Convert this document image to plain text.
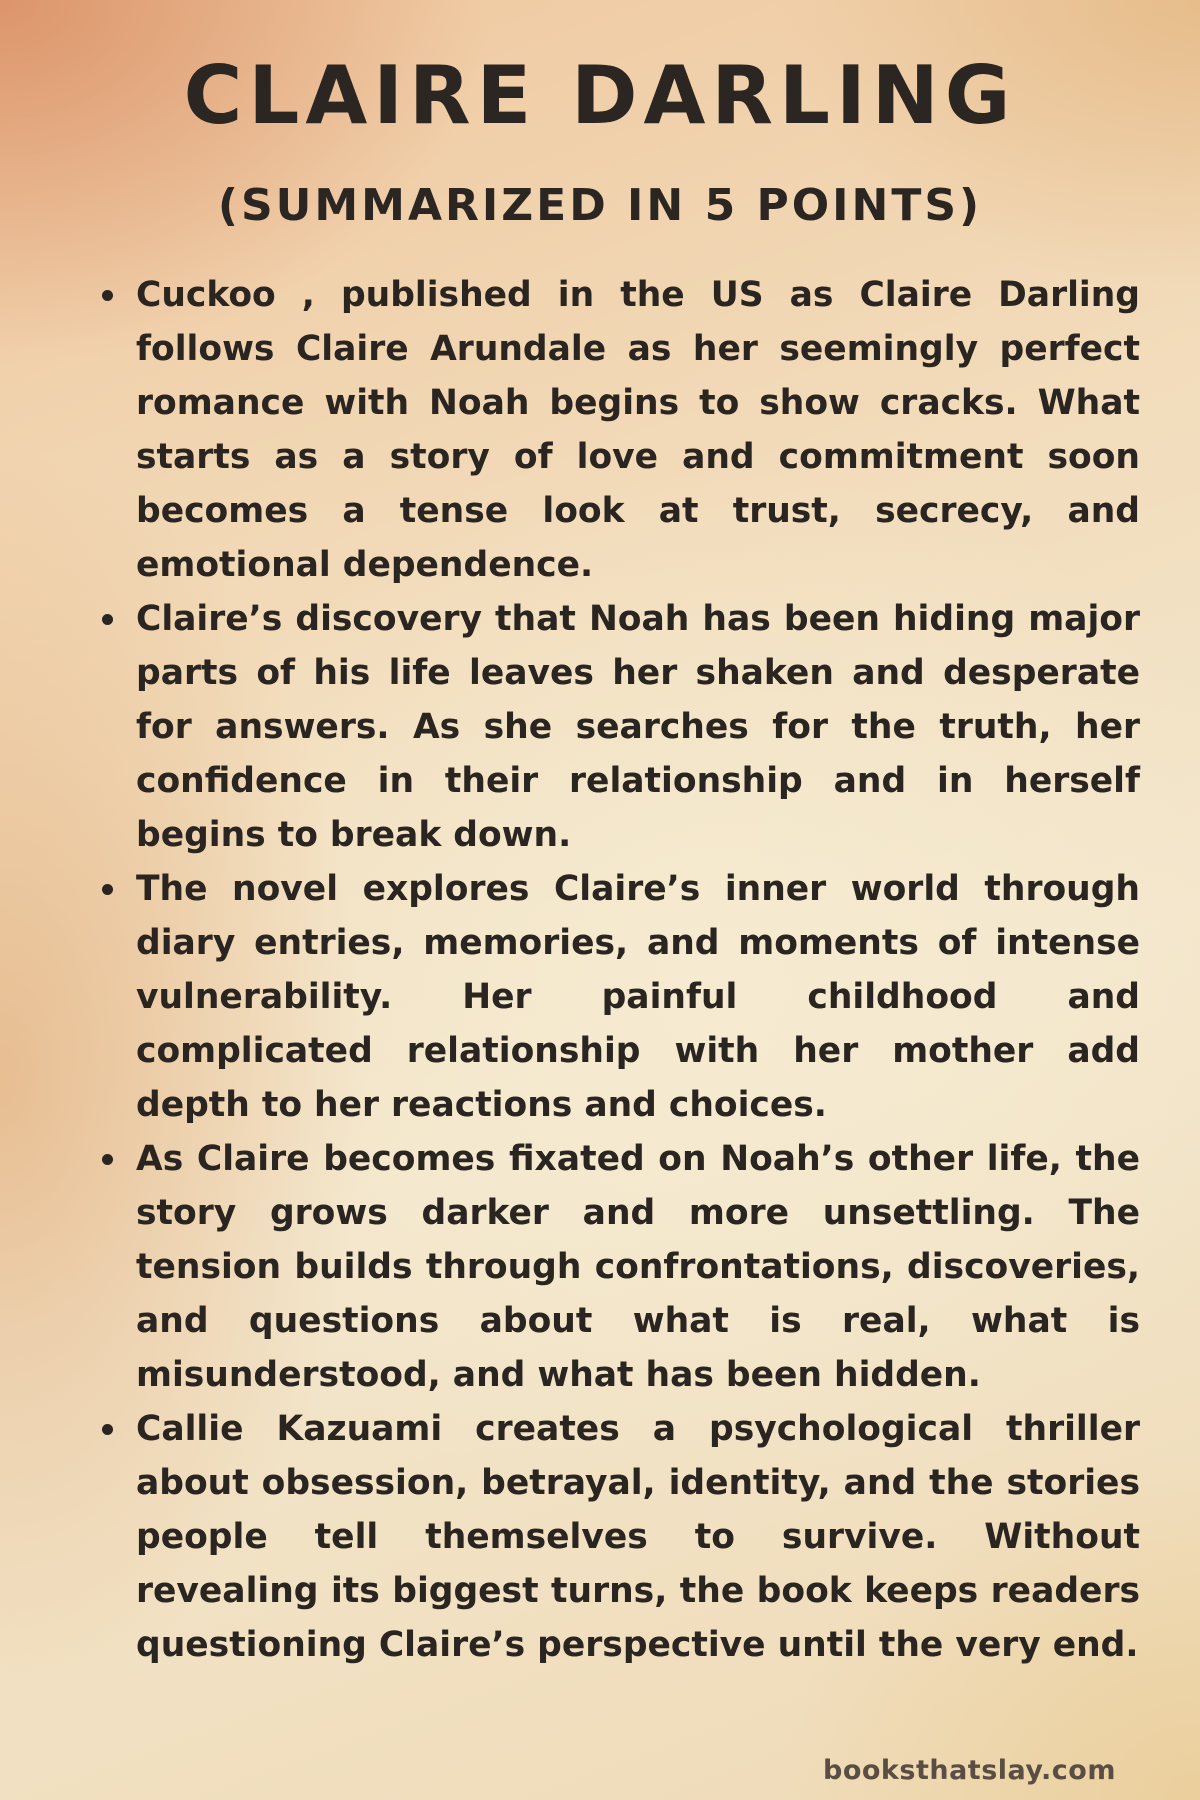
CLAIRE DARLING
(SUMMARIZED IN 5 POINTS)
Cuckoo , published in the US as Claire Darling follows Claire Arundale as her seemingly perfect romance with Noah begins to show cracks. What starts as a story of love and commitment soon becomes a tense look at trust, secrecy, and emotional dependence.
Claire’s discovery that Noah has been hiding major parts of his life leaves her shaken and desperate for answers. As she searches for the truth, her confidence in their relationship and in herself begins to break down.
The novel explores Claire’s inner world through diary entries, memories, and moments of intense vulnerability. Her painful childhood and complicated relationship with her mother add depth to her reactions and choices.
As Claire becomes fixated on Noah’s other life, the story grows darker and more unsettling. The tension builds through confrontations, discoveries, and questions about what is real, what is misunderstood, and what has been hidden.
Callie Kazuami creates a psychological thriller about obsession, betrayal, identity, and the stories people tell themselves to survive. Without revealing its biggest turns, the book keeps readers questioning Claire’s perspective until the very end.
booksthatslay.com
